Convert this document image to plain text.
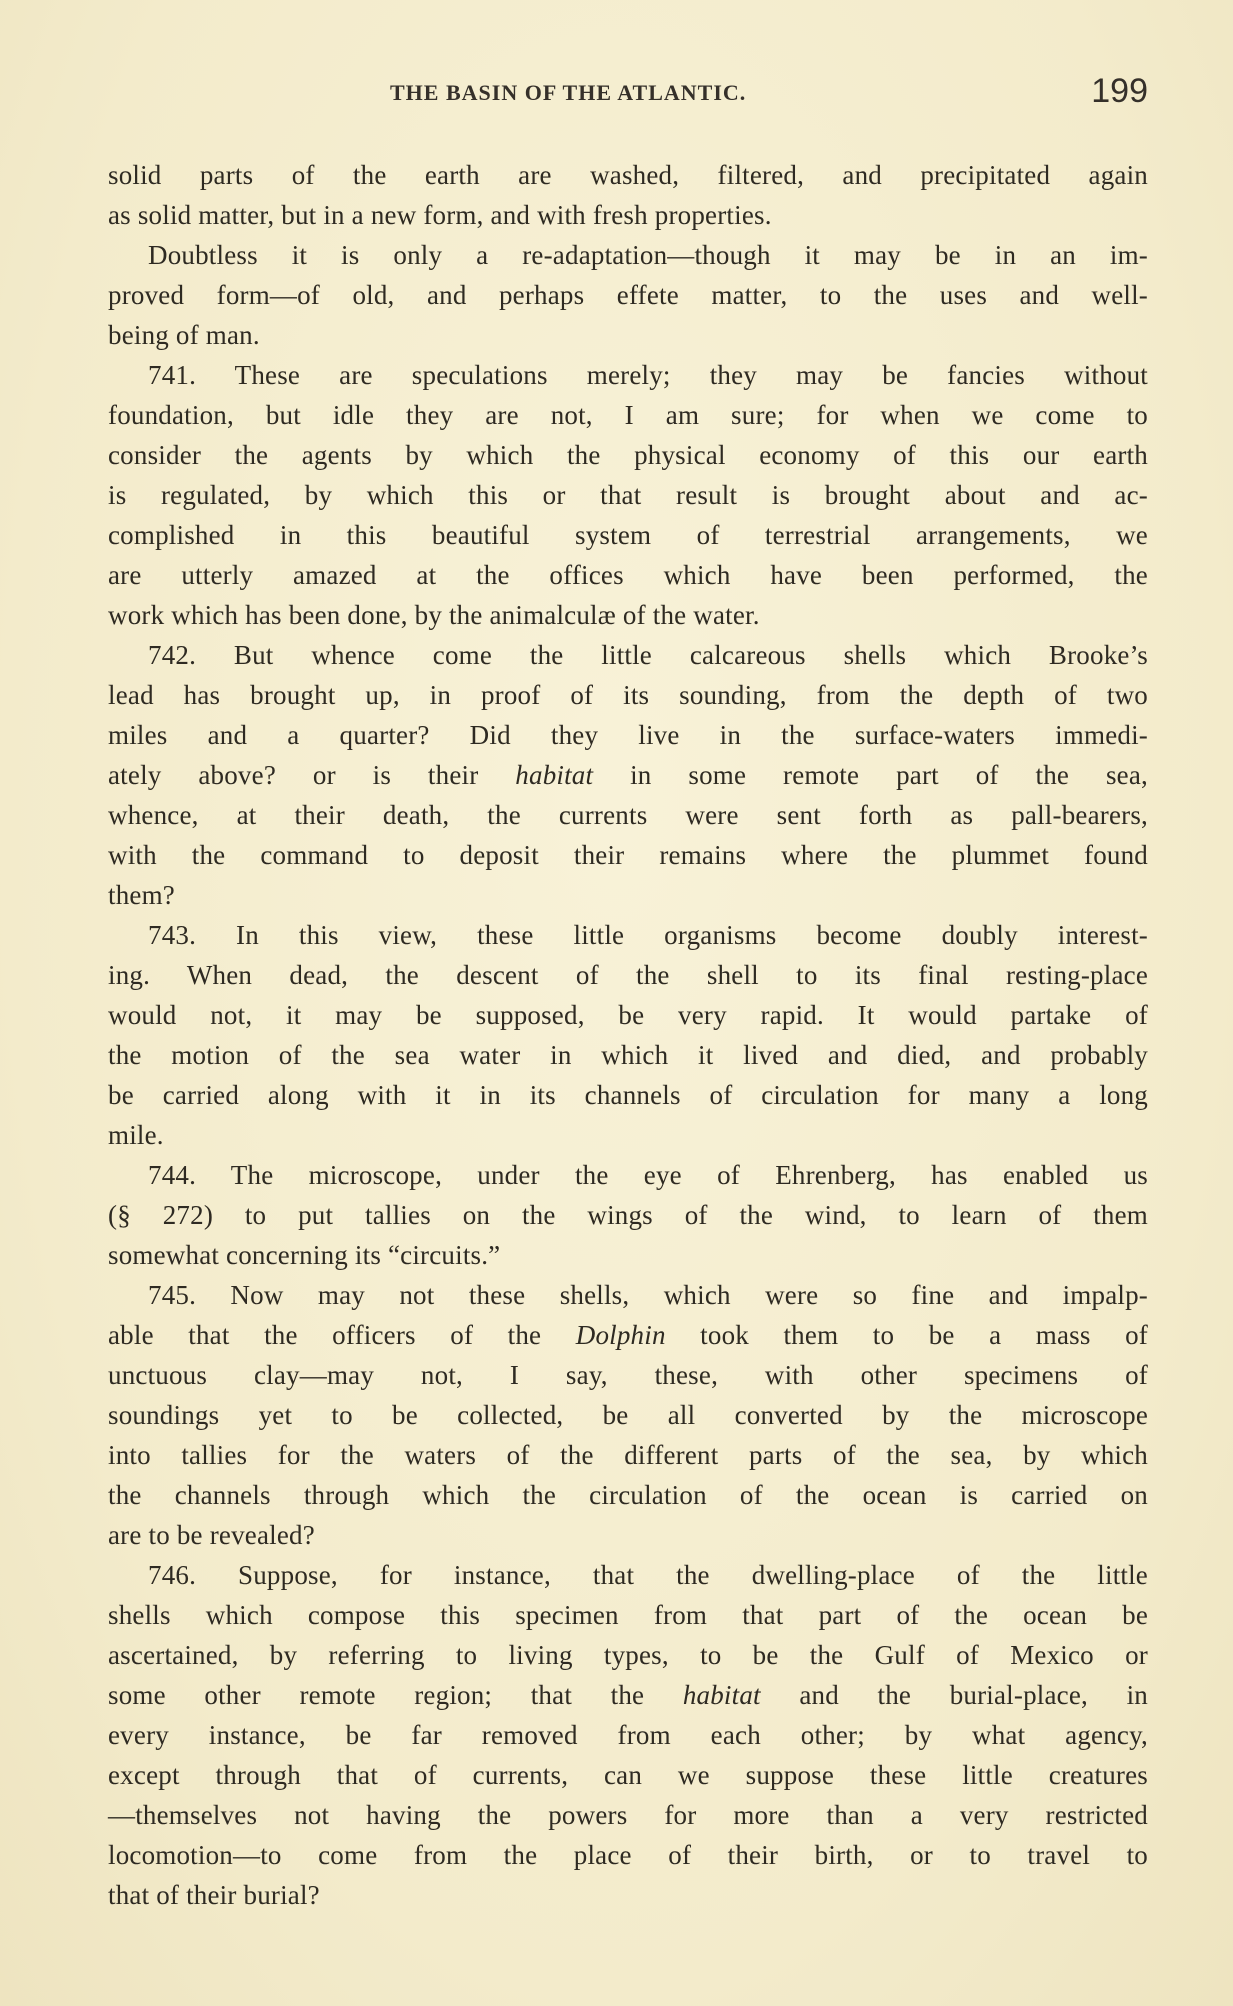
THE BASIN OF THE ATLANTIC.	199
solid parts of the earth are washed, filtered, and precipitated again
as solid matter, but in a new form, and with fresh properties.
Doubtless it is only a re-adaptation—though it may be in an im-
proved form—of old, and perhaps effete matter, to the uses and well-
being of man.
741. These are speculations merely; they may be fancies without
foundation, but idle they are not, I am sure; for when we come to
consider the agents by which the physical economy of this our earth
is regulated, by which this or that result is brought about and ac-
complished in this beautiful system of terrestrial arrangements, we
are utterly amazed at the offices which have been performed, the
work which has been done, by the animalculæ of the water.
742. But whence come the little calcareous shells which Brooke’s
lead has brought up, in proof of its sounding, from the depth of two
miles and a quarter? Did they live in the surface-waters immedi-
ately above? or is their habitat in some remote part of the sea,
whence, at their death, the currents were sent forth as pall-bearers,
with the command to deposit their remains where the plummet found
them?
743. In this view, these little organisms become doubly interest-
ing. When dead, the descent of the shell to its final resting-place
would not, it may be supposed, be very rapid. It would partake of
the motion of the sea water in which it lived and died, and probably
be carried along with it in its channels of circulation for many a long
mile.
744. The microscope, under the eye of Ehrenberg, has enabled us
(§ 272) to put tallies on the wings of the wind, to learn of them
somewhat concerning its “circuits.”
745. Now may not these shells, which were so fine and impalp-
able that the officers of the Dolphin took them to be a mass of
unctuous clay—may not, I say, these, with other specimens of
soundings yet to be collected, be all converted by the microscope
into tallies for the waters of the different parts of the sea, by which
the channels through which the circulation of the ocean is carried on
are to be revealed?
746. Suppose, for instance, that the dwelling-place of the little
shells which compose this specimen from that part of the ocean be
ascertained, by referring to living types, to be the Gulf of Mexico or
some other remote region; that the habitat and the burial-place, in
every instance, be far removed from each other; by what agency,
except through that of currents, can we suppose these little creatures
—themselves not having the powers for more than a very restricted
locomotion—to come from the place of their birth, or to travel to
that of their burial?
